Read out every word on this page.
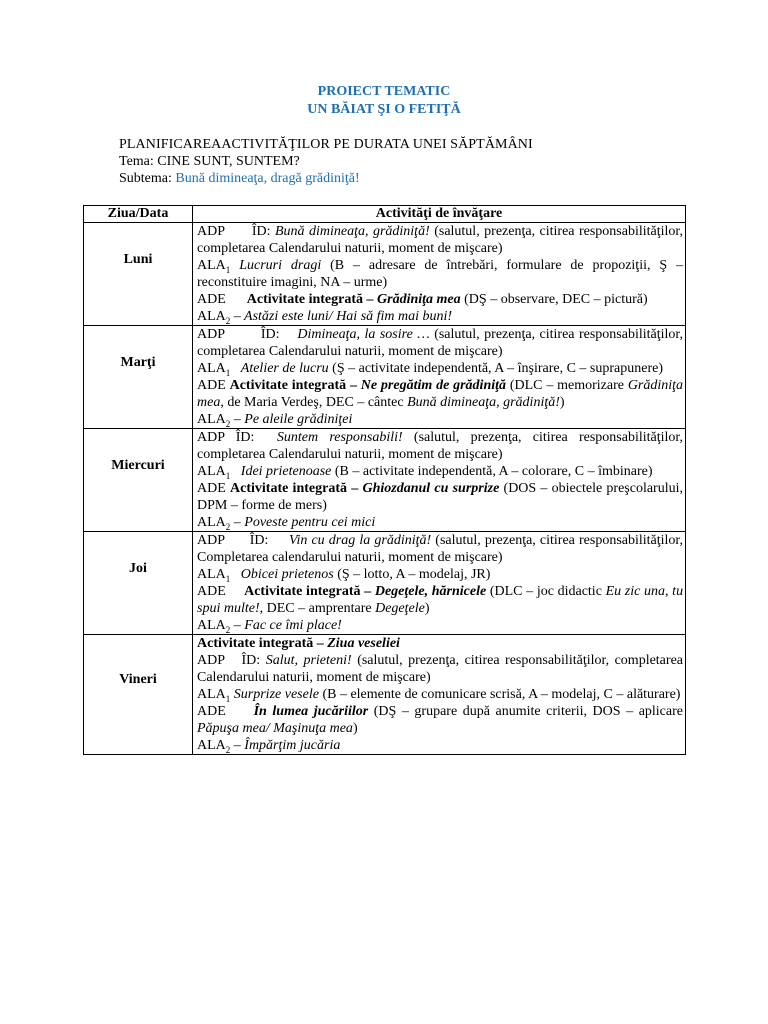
PROIECT TEMATIC
UN BĂIAT ŞI O FETIŢĂ
PLANIFICAREAACTIVITĂŢILOR PE DURATA UNEI SĂPTĂMÂNI
Tema: CINE SUNT, SUNTEM?
Subtema: Bună dimineaţa, dragă grădiniţă!
Ziua/Data	Activităţi de învăţare
Luni	ADP ÎD: Bună dimineaţa, grădiniţă! (salutul, prezenţa, citirea responsabilităţilor, completarea Calendarului naturii, moment de mişcare)
$ALA_1$ Lucruri dragi (B – adresare de întrebări, formulare de propoziţii, Ş – reconstituire imagini, NA – urme)
ADE Activitate integrată – Grădiniţa mea (DŞ – observare, DEC – pictură)
$ALA_2$ – Astăzi este luni/ Hai să fim mai buni!

Marţi	ADP ÎD: Dimineaţa, la sosire … (salutul, prezenţa, citirea responsabilităţilor, completarea Calendarului naturii, moment de mişcare)
$ALA_1$ Atelier de lucru (Ş – activitate independentă, A – înşirare, C – suprapunere)
ADE Activitate integrată – Ne pregătim de grădiniţă (DLC – memorizare Grădiniţa mea, de Maria Verdeş, DEC – cântec Bună dimineaţa, grădiniţă!)
$ALA_2$ – Pe aleile grădiniţei

Miercuri	ADP ÎD: Suntem responsabili! (salutul, prezenţa, citirea responsabilităţilor, completarea Calendarului naturii, moment de mişcare)
$ALA_1$ Idei prietenoase (B – activitate independentă, A – colorare, C – îmbinare)
ADE Activitate integrată – Ghiozdanul cu surprize (DOS – obiectele preşcolarului, DPM – forme de mers)
$ALA_2$ – Poveste pentru cei mici

Joi	ADP ÎD: Vin cu drag la grădiniţă! (salutul, prezenţa, citirea responsabilităţilor, Completarea calendarului naturii, moment de mişcare)
$ALA_1$ Obicei prietenos (Ş – lotto, A – modelaj, JR)
ADE Activitate integrată – Degeţele, hărnicele (DLC – joc didactic Eu zic una, tu spui multe!, DEC – amprentare Degeţele)
$ALA_2$ – Fac ce îmi place!

Vineri	Activitate integrată – Ziua veseliei
ADP ÎD: Salut, prieteni! (salutul, prezenţa, citirea responsabilităţilor, completarea Calendarului naturii, moment de mişcare)
$ALA_1$ Surprize vesele (B – elemente de comunicare scrisă, A – modelaj, C – alăturare)
ADE În lumea jucăriilor (DŞ – grupare după anumite criterii, DOS – aplicare Păpuşa mea/ Maşinuţa mea)
$ALA_2$ – Împărţim jucăria
